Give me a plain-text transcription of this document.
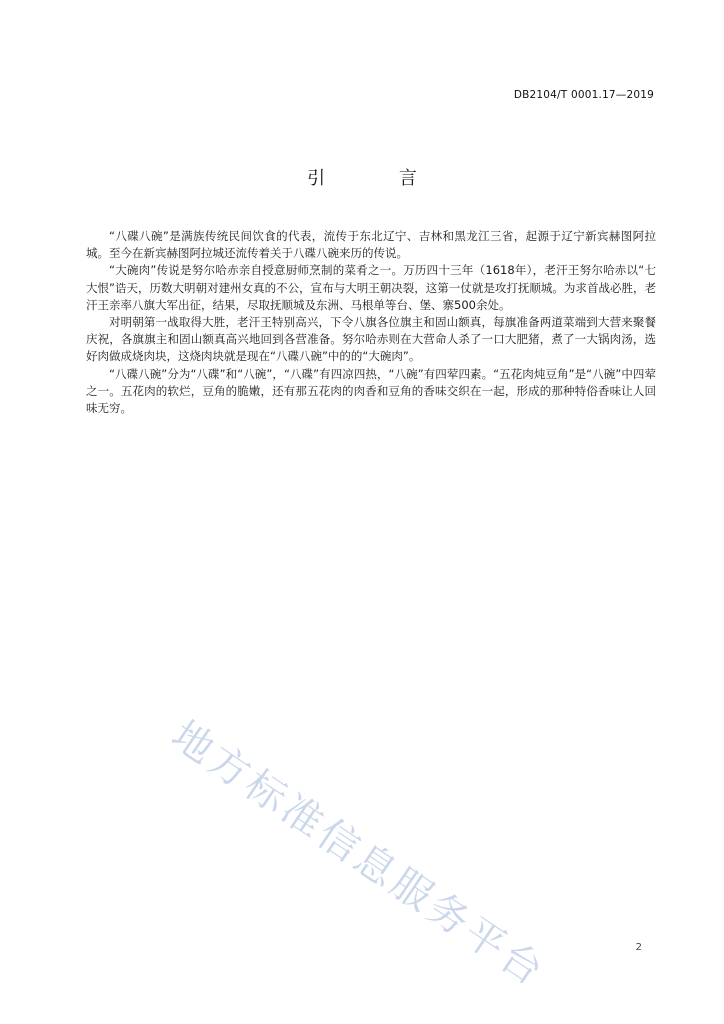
DB2104/T 0001.17—2019
引 言

“八碟八碗”是满族传统民间饮食的代表，流传于东北辽宁、吉林和黑龙江三省，起源于辽宁新宾赫图阿拉城。至今在新宾赫图阿拉城还流传着关于八碟八碗来历的传说。

“大碗肉”传说是努尔哈赤亲自授意厨师烹制的菜肴之一。万历四十三年（1618年），老汗王努尔哈赤以“七大恨”诰天，历数大明朝对建州女真的不公，宣布与大明王朝决裂，这第一仗就是攻打抚顺城。为求首战必胜，老汗王亲率八旗大军出征，结果，尽取抚顺城及东洲、马根单等台、堡、寨500余处。

对明朝第一战取得大胜，老汗王特别高兴，下令八旗各位旗主和固山额真，每旗准备两道菜端到大营来聚餐庆祝，各旗旗主和固山额真高兴地回到各营准备。努尔哈赤则在大营命人杀了一口大肥猪，煮了一大锅肉汤，选好肉做成烧肉块，这烧肉块就是现在“八碟八碗”中的的“大碗肉”。

“八碟八碗”分为“八碟”和“八碗”，“八碟”有四凉四热，“八碗”有四荤四素。“五花肉炖豆角”是“八碗”中四荤之一。五花肉的软烂，豆角的脆嫩，还有那五花肉的肉香和豆角的香味交织在一起，形成的那种特俗香味让人回味无穷。

地方标准信息服务平台	2
